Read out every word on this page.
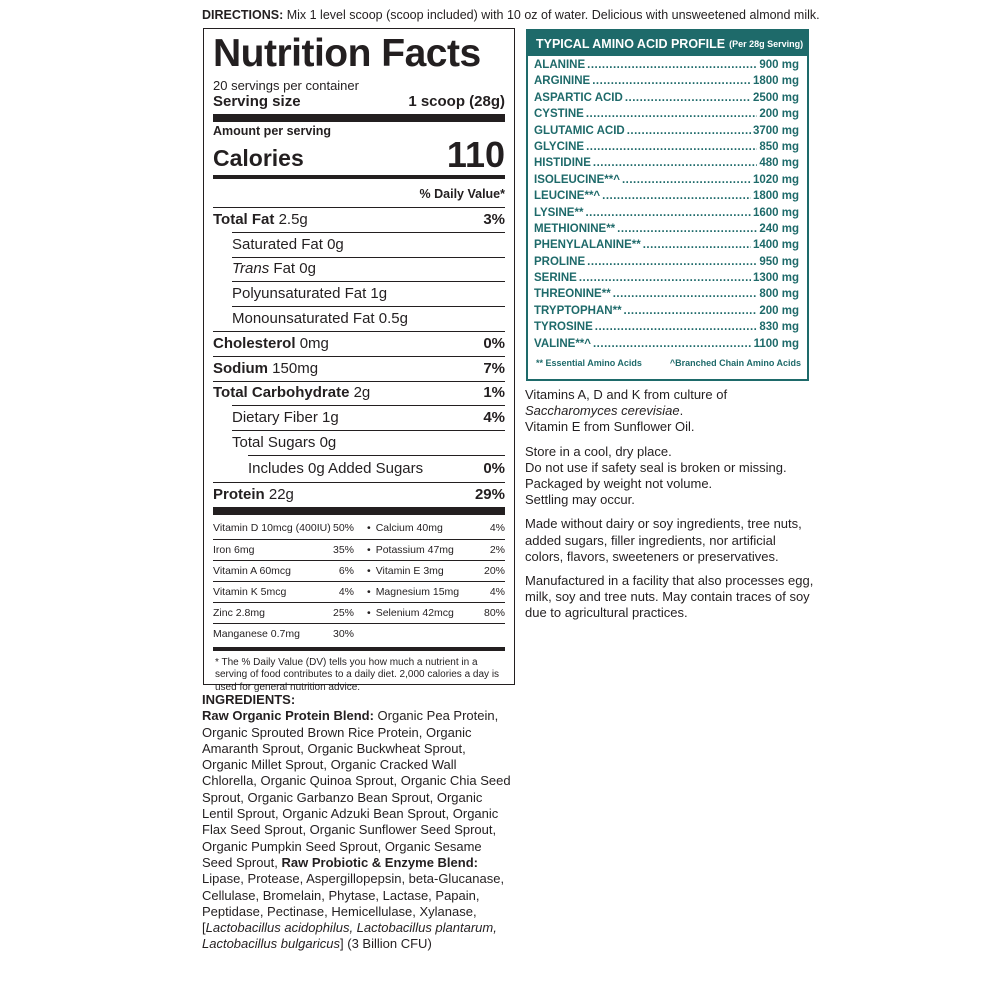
DIRECTIONS: Mix 1 level scoop (scoop included) with 10 oz of water. Delicious with unsweetened almond milk.
Nutrition Facts
20 servings per container
Serving size	1 scoop (28g)
Amount per serving
Calories	110
% Daily Value*
Total Fat 2.5g	3%
Saturated Fat 0g
Trans Fat 0g
Polyunsaturated Fat 1g
Monounsaturated Fat 0.5g
Cholesterol 0mg	0%
Sodium 150mg	7%
Total Carbohydrate 2g	1%
Dietary Fiber 1g	4%
Total Sugars 0g
Includes 0g Added Sugars	0%
Protein 22g	29%
Vitamin D 10mcg (400IU) 50% • Calcium 40mg	4%
Iron 6mg	35% • Potassium 47mg	2%
Vitamin A 60mcg	6% • Vitamin E 3mg	20%
Vitamin K 5mcg	4% • Magnesium 15mg	4%
Zinc 2.8mg	25% • Selenium 42mcg	80%
Manganese 0.7mg	30%
* The % Daily Value (DV) tells you how much a nutrient in a serving of food contributes to a daily diet. 2,000 calories a day is used for general nutrition advice.
TYPICAL AMINO ACID PROFILE (Per 28g Serving)
ALANINE .....	900 mg
ARGININE .....	1800 mg
ASPARTIC ACID .....	2500 mg
CYSTINE .....	200 mg
GLUTAMIC ACID .....	3700 mg
GLYCINE .....	850 mg
HISTIDINE .....	480 mg
ISOLEUCINE**^ .....	1020 mg
LEUCINE**^ .....	1800 mg
LYSINE** .....	1600 mg
METHIONINE** .....	240 mg
PHENYLALANINE** .....	1400 mg
PROLINE .....	950 mg
SERINE .....	1300 mg
THREONINE** .....	800 mg
TRYPTOPHAN** .....	200 mg
TYROSINE .....	830 mg
VALINE**^ .....	1100 mg
** Essential Amino Acids	^Branched Chain Amino Acids

Vitamins A, D and K from culture of
Saccharomyces cerevisiae.
Vitamin E from Sunflower Oil.

Store in a cool, dry place.
Do not use if safety seal is broken or missing.
Packaged by weight not volume.
Settling may occur.

Made without dairy or soy ingredients, tree nuts, added sugars, filler ingredients, nor artificial colors, flavors, sweeteners or preservatives.

Manufactured in a facility that also processes egg, milk, soy and tree nuts. May contain traces of soy due to agricultural practices.

INGREDIENTS:
Raw Organic Protein Blend: Organic Pea Protein, Organic Sprouted Brown Rice Protein, Organic Amaranth Sprout, Organic Buckwheat Sprout, Organic Millet Sprout, Organic Cracked Wall Chlorella, Organic Quinoa Sprout, Organic Chia Seed Sprout, Organic Garbanzo Bean Sprout, Organic Lentil Sprout, Organic Adzuki Bean Sprout, Organic Flax Seed Sprout, Organic Sunflower Seed Sprout, Organic Pumpkin Seed Sprout, Organic Sesame Seed Sprout, Raw Probiotic & Enzyme Blend: Lipase, Protease, Aspergillopepsin, beta-Glucanase, Cellulase, Bromelain, Phytase, Lactase, Papain, Peptidase, Pectinase, Hemicellulase, Xylanase, [Lactobacillus acidophilus, Lactobacillus plantarum, Lactobacillus bulgaricus] (3 Billion CFU)
